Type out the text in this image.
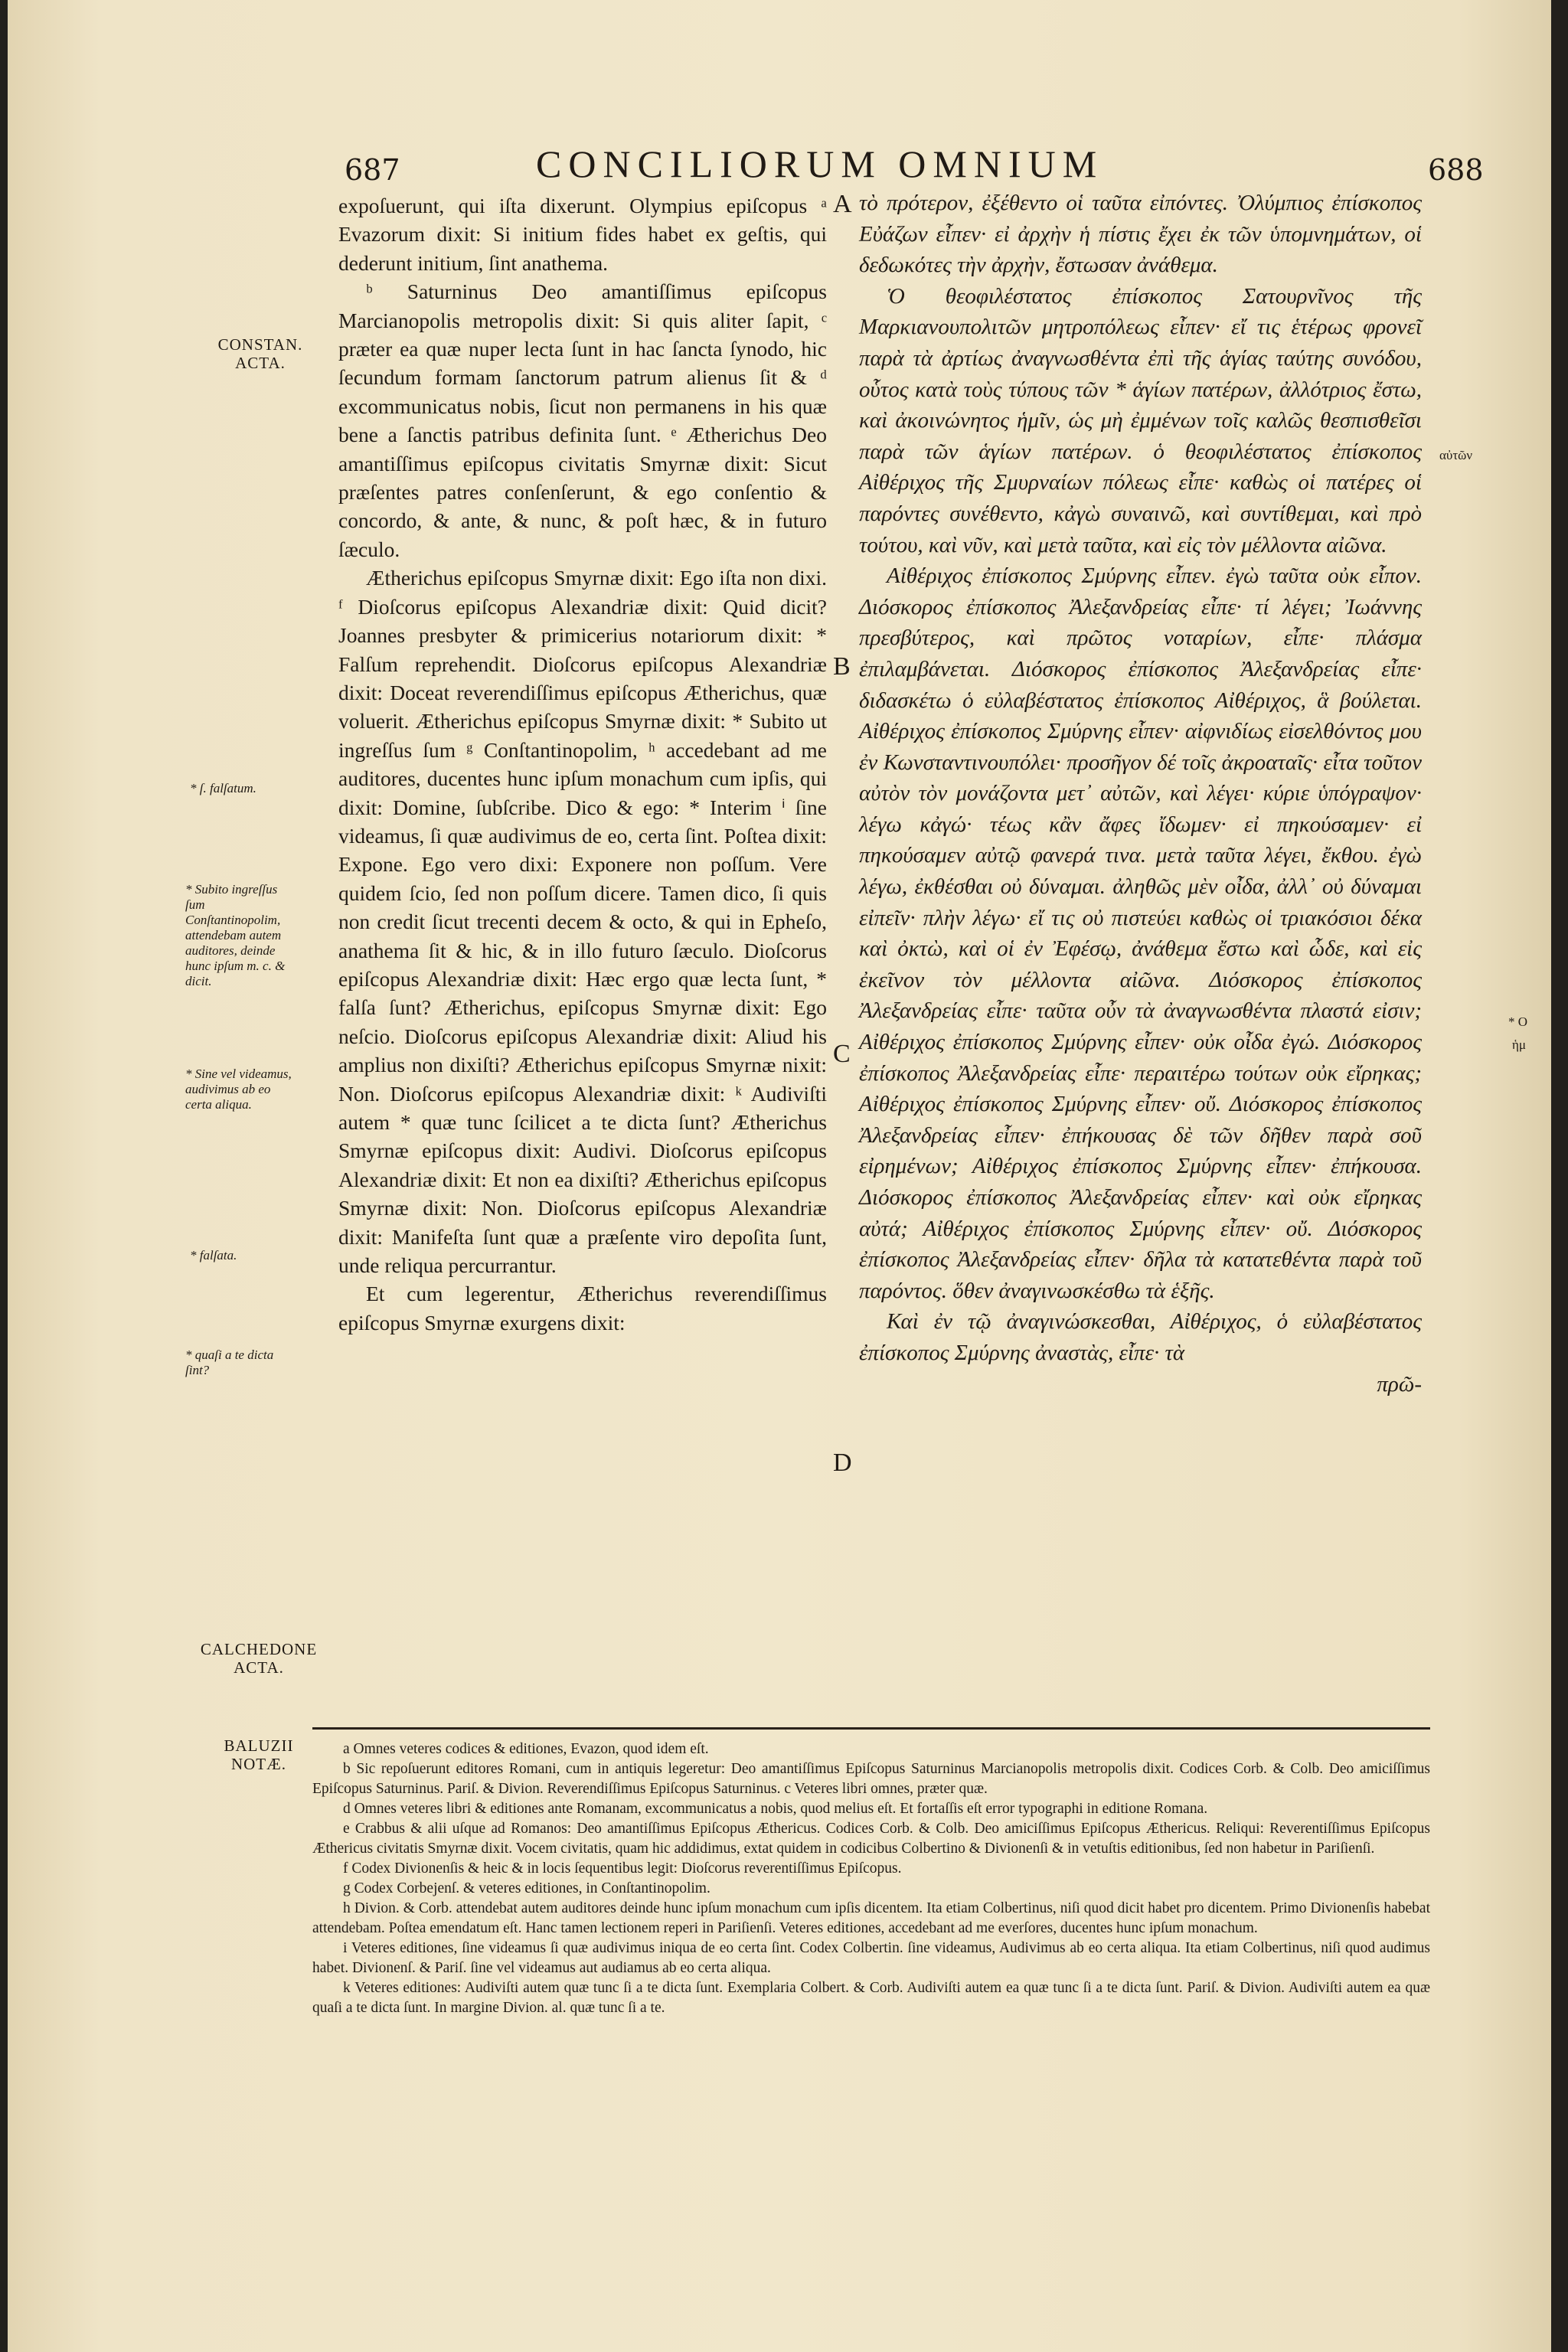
687	CONCILIORUM OMNIUM	688
CONSTAN. ACTA.
* ſ. falſatum.
* Subito ingreſſus ſum Conſtantinopolim, attendebam autem auditores, deinde hunc ipſum m. c. & dicit.
* Sine vel videamus, audivimus ab eo certa aliqua.
* falſata.
* quaſi a te dicta ſint?
CALCHEDONE ACTA.
BALUZII NOTÆ.
A
B
C
D

expoſuerunt, qui iſta dixerunt. Olympius epiſcopus ᵃ Evazorum dixit: Si initium fides habet ex geſtis, qui dederunt initium, ſint anathema.

ᵇ Saturninus Deo amantiſſimus epiſcopus Marcianopolis metropolis dixit: Si quis aliter ſapit, ᶜ præter ea quæ nuper lecta ſunt in hac ſancta ſynodo, hic ſecundum formam ſanctorum patrum alienus ſit & ᵈ excommunicatus nobis, ſicut non permanens in his quæ bene a ſanctis patribus definita ſunt. ᵉ Ætherichus Deo amantiſſimus epiſcopus civitatis Smyrnæ dixit: Sicut præſentes patres conſenſerunt, & ego conſentio & concordo, & ante, & nunc, & poſt hæc, & in futuro ſæculo.

Ætherichus epiſcopus Smyrnæ dixit: Ego iſta non dixi. ᶠ Dioſcorus epiſcopus Alexandriæ dixit: Quid dicit? Joannes presbyter & primicerius notariorum dixit: * Falſum reprehendit. Dioſcorus epiſcopus Alexandriæ dixit: Doceat reverendiſſimus epiſcopus Ætherichus, quæ voluerit. Ætherichus epiſcopus Smyrnæ dixit: * Subito ut ingreſſus ſum ᵍ Conſtantinopolim, ʰ accedebant ad me auditores, ducentes hunc ipſum monachum cum ipſis, qui dixit: Domine, ſubſcribe. Dico & ego: * Interim ⁱ ſine videamus, ſi quæ audivimus de eo, certa ſint. Poſtea dixit: Expone. Ego vero dixi: Exponere non poſſum. Vere quidem ſcio, ſed non poſſum dicere. Tamen dico, ſi quis non credit ſicut trecenti decem & octo, & qui in Epheſo, anathema ſit & hic, & in illo futuro ſæculo. Dioſcorus epiſcopus Alexandriæ dixit: Hæc ergo quæ lecta ſunt, * falſa ſunt? Ætherichus, epiſcopus Smyrnæ dixit: Ego neſcio. Dioſcorus epiſcopus Alexandriæ dixit: Aliud his amplius non dixiſti? Ætherichus epiſcopus Smyrnæ nixit: Non. Dioſcorus epiſcopus Alexandriæ dixit: ᵏ Audiviſti autem * quæ tunc ſcilicet a te dicta ſunt? Ætherichus Smyrnæ epiſcopus dixit: Audivi. Dioſcorus epiſcopus Alexandriæ dixit: Et non ea dixiſti? Ætherichus epiſcopus Smyrnæ dixit: Non. Dioſcorus epiſcopus Alexandriæ dixit: Manifeſta ſunt quæ a præſente viro depoſita ſunt, unde reliqua percurrantur.

Et cum legerentur, Ætherichus reverendiſſimus epiſcopus Smyrnæ exurgens dixit:

τὸ πρότερον, ἐξέθεντο οἱ ταῦτα εἰπόντες. Ὀλύμπιος ἐπίσκοπος Εὐάζων εἶπεν· εἰ ἀρχὴν ἡ πίστις ἔχει ἐκ τῶν ὑπομνημάτων, οἱ δεδωκότες τὴν ἀρχὴν, ἔστωσαν ἀνάθεμα.

Ὁ θεοφιλέστατος ἐπίσκοπος Σατουρνῖνος τῆς Μαρκιανουπολιτῶν μητροπόλεως εἶπεν· εἴ τις ἑτέρως φρονεῖ παρὰ τὰ ἀρτίως ἀναγνωσθέντα ἐπὶ τῆς ἁγίας ταύτης συνόδου, οὗτος κατὰ τοὺς τύπους τῶν * ἁγίων πατέρων, ἀλλότριος ἔστω, καὶ ἀκοινώνητος ἡμῖν, ὡς μὴ ἐμμένων τοῖς καλῶς θεσπισθεῖσι παρὰ τῶν ἁγίων πατέρων. ὁ θεοφιλέστατος ἐπίσκοπος Αἰθέριχος τῆς Σμυρναίων πόλεως εἶπε· καθὼς οἱ πατέρες οἱ παρόντες συνέθεντο, κἀγὼ συναινῶ, καὶ συντίθεμαι, καὶ πρὸ τούτου, καὶ νῦν, καὶ μετὰ ταῦτα, καὶ εἰς τὸν μέλλοντα αἰῶνα.

Αἰθέριχος ἐπίσκοπος Σμύρνης εἶπεν. ἐγὼ ταῦτα οὐκ εἶπον. Διόσκορος ἐπίσκοπος Ἀλεξανδρείας εἶπε· τί λέγει; Ἰωάννης πρεσβύτερος, καὶ πρῶτος νοταρίων, εἶπε· πλάσμα ἐπιλαμβάνεται. Διόσκορος ἐπίσκοπος Ἀλεξανδρείας εἶπε· διδασκέτω ὁ εὐλαβέστατος ἐπίσκοπος Αἰθέριχος, ἃ βούλεται. Αἰθέριχος ἐπίσκοπος Σμύρνης εἶπεν· αἰφνιδίως εἰσελθόντος μου ἐν Κωνσταντινουπόλει· προσῆγον δέ τοῖς ἀκροαταῖς· εἶτα τοῦτον αὐτὸν τὸν μονάζοντα μετ᾽ αὐτῶν, καὶ λέγει· κύριε ὑπόγραψον· λέγω κἀγώ· τέως κἂν ἄφες ἴδωμεν· εἰ πηκούσαμεν· εἰ πηκούσαμεν αὐτῷ φανερά τινα. μετὰ ταῦτα λέγει, ἔκθου. ἐγὼ λέγω, ἐκθέσθαι οὐ δύναμαι. ἀληθῶς μὲν οἶδα, ἀλλ᾽ οὐ δύναμαι εἰπεῖν· πλὴν λέγω· εἴ τις οὐ πιστεύει καθὼς οἱ τριακόσιοι δέκα καὶ ὀκτὼ, καὶ οἱ ἐν Ἐφέσῳ, ἀνάθεμα ἔστω καὶ ὧδε, καὶ εἰς ἐκεῖνον τὸν μέλλοντα αἰῶνα. Διόσκορος ἐπίσκοπος Ἀλεξανδρείας εἶπε· ταῦτα οὖν τὰ ἀναγνωσθέντα πλαστά εἰσιν; Αἰθέριχος ἐπίσκοπος Σμύρνης εἶπεν· οὐκ οἶδα ἐγώ. Διόσκορος ἐπίσκοπος Ἀλεξανδρείας εἶπε· περαιτέρω τούτων οὐκ εἴρηκας; Αἰθέριχος ἐπίσκοπος Σμύρνης εἶπεν· οὔ. Διόσκορος ἐπίσκοπος Ἀλεξανδρείας εἶπεν· ἐπήκουσας δὲ τῶν δῆθεν παρὰ σοῦ εἰρημένων; Αἰθέριχος ἐπίσκοπος Σμύρνης εἶπεν· ἐπήκουσα. Διόσκορος ἐπίσκοπος Ἀλεξανδρείας εἶπεν· καὶ οὐκ εἴρηκας αὐτά; Αἰθέριχος ἐπίσκοπος Σμύρνης εἶπεν· οὔ. Διόσκορος ἐπίσκοπος Ἀλεξανδρείας εἶπεν· δῆλα τὰ κατατεθέντα παρὰ τοῦ παρόντος. ὅθεν ἀναγινωσκέσθω τὰ ἑξῆς.

Καὶ ἐν τῷ ἀναγινώσκεσθαι, Αἰθέριχος, ὁ εὐλαβέστατος ἐπίσκοπος Σμύρνης ἀναστὰς, εἶπε· τὰ

πρῶ-

αὐτῶν
* O
ἡμ

a Omnes veteres codices & editiones, Evazon, quod idem eſt.

b Sic repoſuerunt editores Romani, cum in antiquis legeretur: Deo amantiſſimus Epiſcopus Saturninus Marcianopolis metropolis dixit. Codices Corb. & Colb. Deo amiciſſimus Epiſcopus Saturninus. Pariſ. & Divion. Reverendiſſimus Epiſcopus Saturninus. c Veteres libri omnes, præter quæ.

d Omnes veteres libri & editiones ante Romanam, excommunicatus a nobis, quod melius eſt. Et fortaſſis eſt error typographi in editione Romana.

e Crabbus & alii uſque ad Romanos: Deo amantiſſimus Epiſcopus Æthericus. Codices Corb. & Colb. Deo amiciſſimus Epiſcopus Æthericus. Reliqui: Reverentiſſimus Epiſcopus Æthericus civitatis Smyrnæ dixit. Vocem civitatis, quam hic addidimus, extat quidem in codicibus Colbertino & Divionenſi & in vetuſtis editionibus, ſed non habetur in Pariſienſi.

f Codex Divionenſis & heic & in locis ſequentibus legit: Dioſcorus reverentiſſimus Epiſcopus.

g Codex Corbejenſ. & veteres editiones, in Conſtantinopolim.

h Divion. & Corb. attendebat autem auditores deinde hunc ipſum monachum cum ipſis dicentem. Ita etiam Colbertinus, niſi quod dicit habet pro dicentem. Primo Divionenſis habebat attendebam. Poſtea emendatum eſt. Hanc tamen lectionem reperi in Pariſienſi. Veteres editiones, accedebant ad me everſores, ducentes hunc ipſum monachum.

i Veteres editiones, ſine videamus ſi quæ audivimus iniqua de eo certa ſint. Codex Colbertin. ſine videamus, Audivimus ab eo certa aliqua. Ita etiam Colbertinus, niſi quod audimus habet. Divionenſ. & Pariſ. ſine vel videamus aut audiamus ab eo certa aliqua.

k Veteres editiones: Audiviſti autem quæ tunc ſi a te dicta ſunt. Exemplaria Colbert. & Corb. Audiviſti autem ea quæ tunc ſi a te dicta ſunt. Pariſ. & Divion. Audiviſti autem ea quæ quaſi a te dicta ſunt. In margine Divion. al. quæ tunc ſi a te.
